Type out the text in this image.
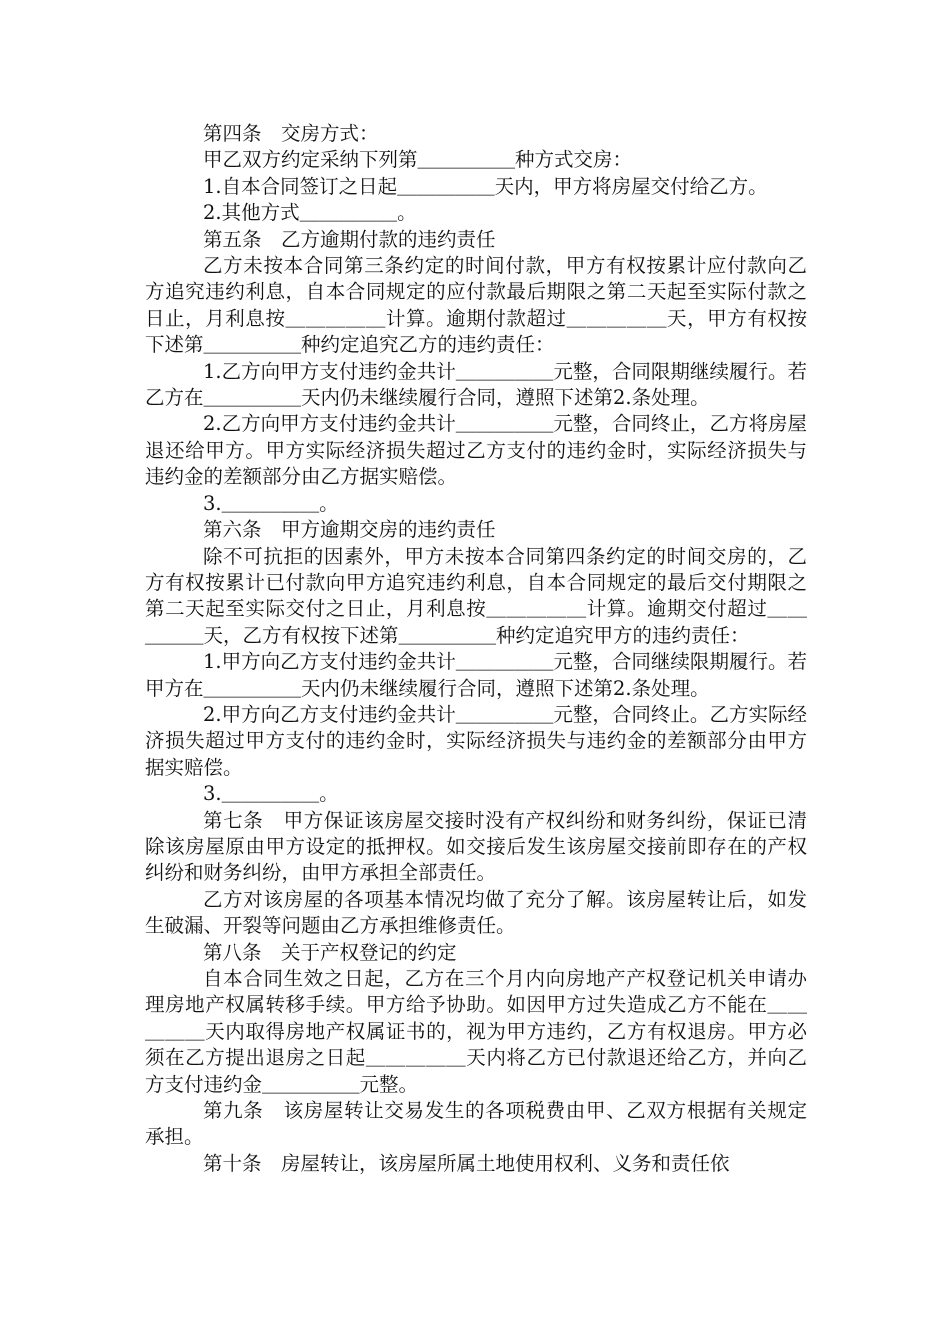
第四条　交房方式：

甲乙双方约定采纳下列第＿＿＿＿＿种方式交房：

1.自本合同签订之日起＿＿＿＿＿天内，甲方将房屋交付给乙方。

2.其他方式＿＿＿＿＿。

第五条　乙方逾期付款的违约责任

乙方未按本合同第三条约定的时间付款，甲方有权按累计应付款向乙方追究违约利息，自本合同规定的应付款最后期限之第二天起至实际付款之日止，月利息按＿＿＿＿＿计算。逾期付款超过＿＿＿＿＿天，甲方有权按下述第＿＿＿＿＿种约定追究乙方的违约责任：

1.乙方向甲方支付违约金共计＿＿＿＿＿元整，合同限期继续履行。若乙方在＿＿＿＿＿天内仍未继续履行合同，遵照下述第2.条处理。

2.乙方向甲方支付违约金共计＿＿＿＿＿元整，合同终止，乙方将房屋退还给甲方。甲方实际经济损失超过乙方支付的违约金时，实际经济损失与违约金的差额部分由乙方据实赔偿。

3.＿＿＿＿＿。

第六条　甲方逾期交房的违约责任

除不可抗拒的因素外，甲方未按本合同第四条约定的时间交房的，乙方有权按累计已付款向甲方追究违约利息，自本合同规定的最后交付期限之第二天起至实际交付之日止，月利息按＿＿＿＿＿计算。逾期交付超过＿＿＿＿＿天，乙方有权按下述第＿＿＿＿＿种约定追究甲方的违约责任：

1.甲方向乙方支付违约金共计＿＿＿＿＿元整，合同继续限期履行。若甲方在＿＿＿＿＿天内仍未继续履行合同，遵照下述第2.条处理。

2.甲方向乙方支付违约金共计＿＿＿＿＿元整，合同终止。乙方实际经济损失超过甲方支付的违约金时，实际经济损失与违约金的差额部分由甲方据实赔偿。

3.＿＿＿＿＿。

第七条　甲方保证该房屋交接时没有产权纠纷和财务纠纷，保证已清除该房屋原由甲方设定的抵押权。如交接后发生该房屋交接前即存在的产权纠纷和财务纠纷，由甲方承担全部责任。

乙方对该房屋的各项基本情况均做了充分了解。该房屋转让后，如发生破漏、开裂等问题由乙方承担维修责任。

第八条　关于产权登记的约定

自本合同生效之日起，乙方在三个月内向房地产产权登记机关申请办理房地产权属转移手续。甲方给予协助。如因甲方过失造成乙方不能在＿＿＿＿＿天内取得房地产权属证书的，视为甲方违约，乙方有权退房。甲方必须在乙方提出退房之日起＿＿＿＿＿天内将乙方已付款退还给乙方，并向乙方支付违约金＿＿＿＿＿元整。

第九条　该房屋转让交易发生的各项税费由甲、乙双方根据有关规定承担。

第十条　房屋转让，该房屋所属土地使用权利、义务和责任依
